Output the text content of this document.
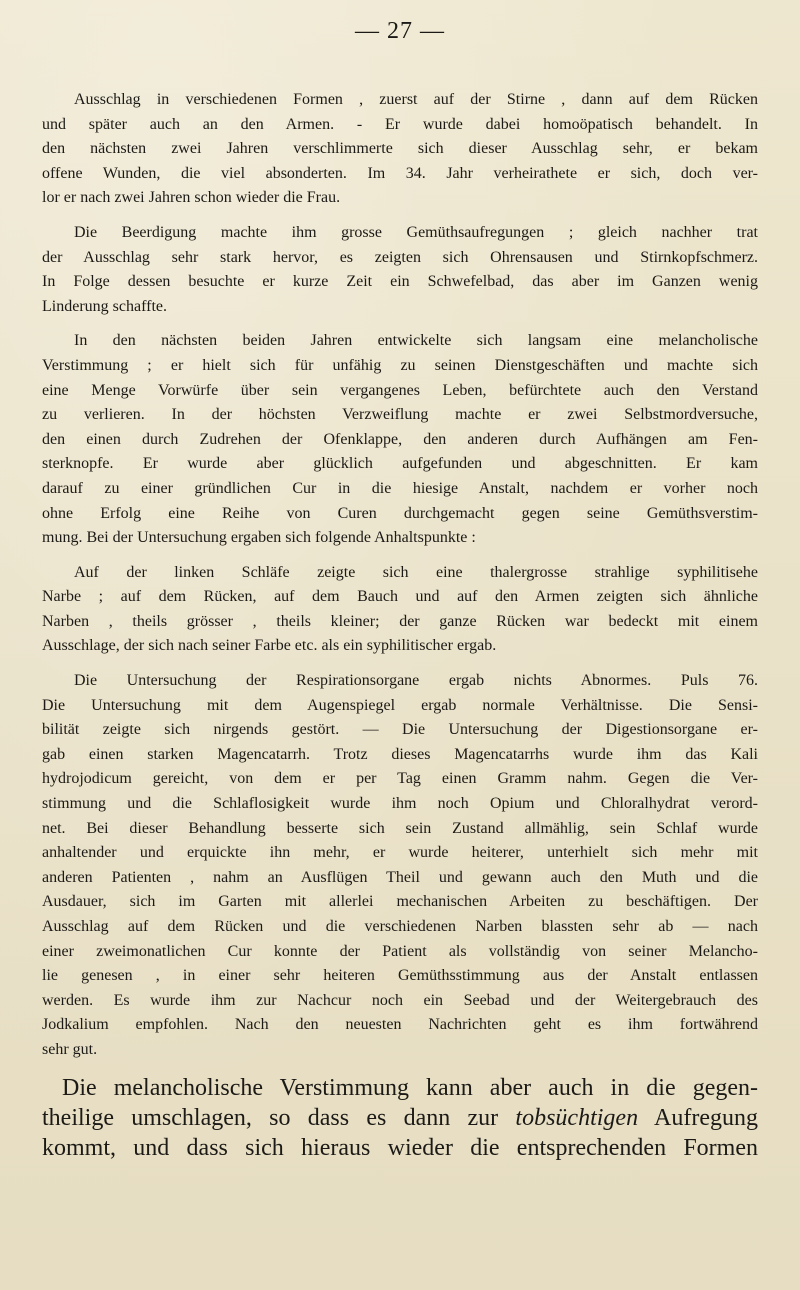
— 27 —

Ausschlag in verschiedenen Formen , zuerst auf der Stirne , dann auf dem Rücken
und später auch an den Armen. - Er wurde dabei homoöpatisch behandelt. In
den nächsten zwei Jahren verschlimmerte sich dieser Ausschlag sehr, er bekam
offene Wunden, die viel absonderten. Im 34. Jahr verheirathete er sich, doch ver-
lor er nach zwei Jahren schon wieder die Frau.

Die Beerdigung machte ihm grosse Gemüthsaufregungen ; gleich nachher trat
der Ausschlag sehr stark hervor, es zeigten sich Ohrensausen und Stirnkopfschmerz.
In Folge dessen besuchte er kurze Zeit ein Schwefelbad, das aber im Ganzen wenig
Linderung schaffte.

In den nächsten beiden Jahren entwickelte sich langsam eine melancholische
Verstimmung ; er hielt sich für unfähig zu seinen Dienstgeschäften und machte sich
eine Menge Vorwürfe über sein vergangenes Leben, befürchtete auch den Verstand
zu verlieren. In der höchsten Verzweiflung machte er zwei Selbstmordversuche,
den einen durch Zudrehen der Ofenklappe, den anderen durch Aufhängen am Fen-
sterknopfe. Er wurde aber glücklich aufgefunden und abgeschnitten. Er kam
darauf zu einer gründlichen Cur in die hiesige Anstalt, nachdem er vorher noch
ohne Erfolg eine Reihe von Curen durchgemacht gegen seine Gemüthsverstim-
mung. Bei der Untersuchung ergaben sich folgende Anhaltspunkte :

Auf der linken Schläfe zeigte sich eine thalergrosse strahlige syphilitisehe
Narbe ; auf dem Rücken, auf dem Bauch und auf den Armen zeigten sich ähnliche
Narben , theils grösser , theils kleiner; der ganze Rücken war bedeckt mit einem
Ausschlage, der sich nach seiner Farbe etc. als ein syphilitischer ergab.

Die Untersuchung der Respirationsorgane ergab nichts Abnormes. Puls 76.
Die Untersuchung mit dem Augenspiegel ergab normale Verhältnisse. Die Sensi-
bilität zeigte sich nirgends gestört. — Die Untersuchung der Digestionsorgane er-
gab einen starken Magencatarrh. Trotz dieses Magencatarrhs wurde ihm das Kali
hydrojodicum gereicht, von dem er per Tag einen Gramm nahm. Gegen die Ver-
stimmung und die Schlaflosigkeit wurde ihm noch Opium und Chloralhydrat verord-
net. Bei dieser Behandlung besserte sich sein Zustand allmählig, sein Schlaf wurde
anhaltender und erquickte ihn mehr, er wurde heiterer, unterhielt sich mehr mit
anderen Patienten , nahm an Ausflügen Theil und gewann auch den Muth und die
Ausdauer, sich im Garten mit allerlei mechanischen Arbeiten zu beschäftigen. Der
Ausschlag auf dem Rücken und die verschiedenen Narben blassten sehr ab — nach
einer zweimonatlichen Cur konnte der Patient als vollständig von seiner Melancho-
lie genesen , in einer sehr heiteren Gemüthsstimmung aus der Anstalt entlassen
werden. Es wurde ihm zur Nachcur noch ein Seebad und der Weitergebrauch des
Jodkalium empfohlen. Nach den neuesten Nachrichten geht es ihm fortwährend
sehr gut.

Die melancholische Verstimmung kann aber auch in die gegen-
theilige umschlagen, so dass es dann zur tobsüchtigen Aufregung
kommt, und dass sich hieraus wieder die entsprechenden Formen
